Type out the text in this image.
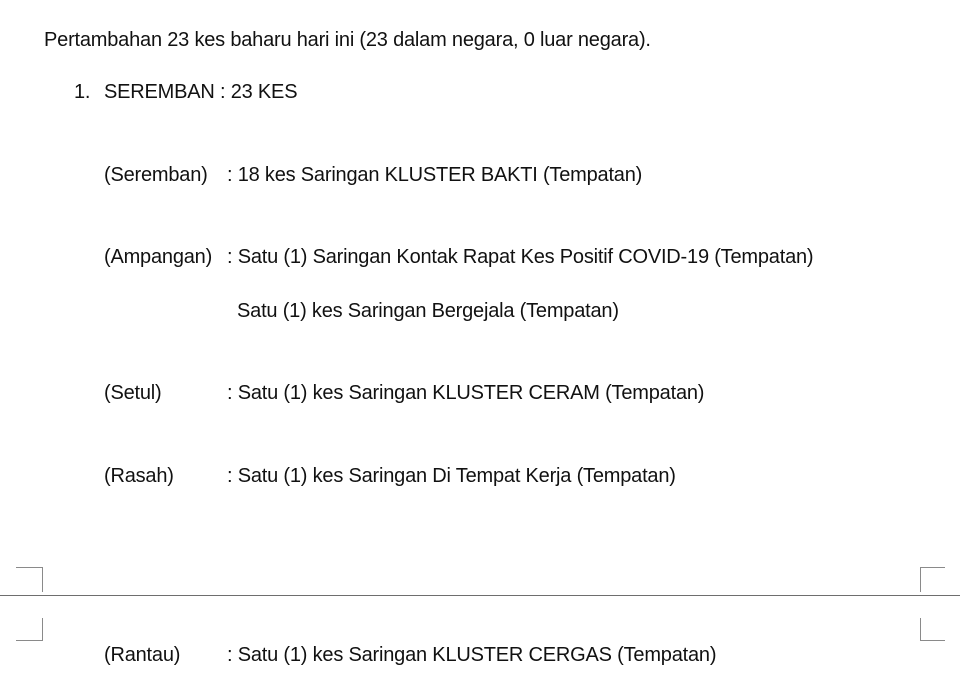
Pertambahan 23 kes baharu hari ini (23 dalam negara, 0 luar negara).
1. SEREMBAN : 23 KES
(Seremban) : 18 kes Saringan KLUSTER BAKTI (Tempatan)
(Ampangan) : Satu (1) Saringan Kontak Rapat Kes Positif COVID-19 (Tempatan)
Satu (1) kes Saringan Bergejala (Tempatan)
(Setul)	: Satu (1) kes Saringan KLUSTER CERAM (Tempatan)
(Rasah)	: Satu (1) kes Saringan Di Tempat Kerja (Tempatan)
(Rantau) : Satu (1) kes Saringan KLUSTER CERGAS (Tempatan)
